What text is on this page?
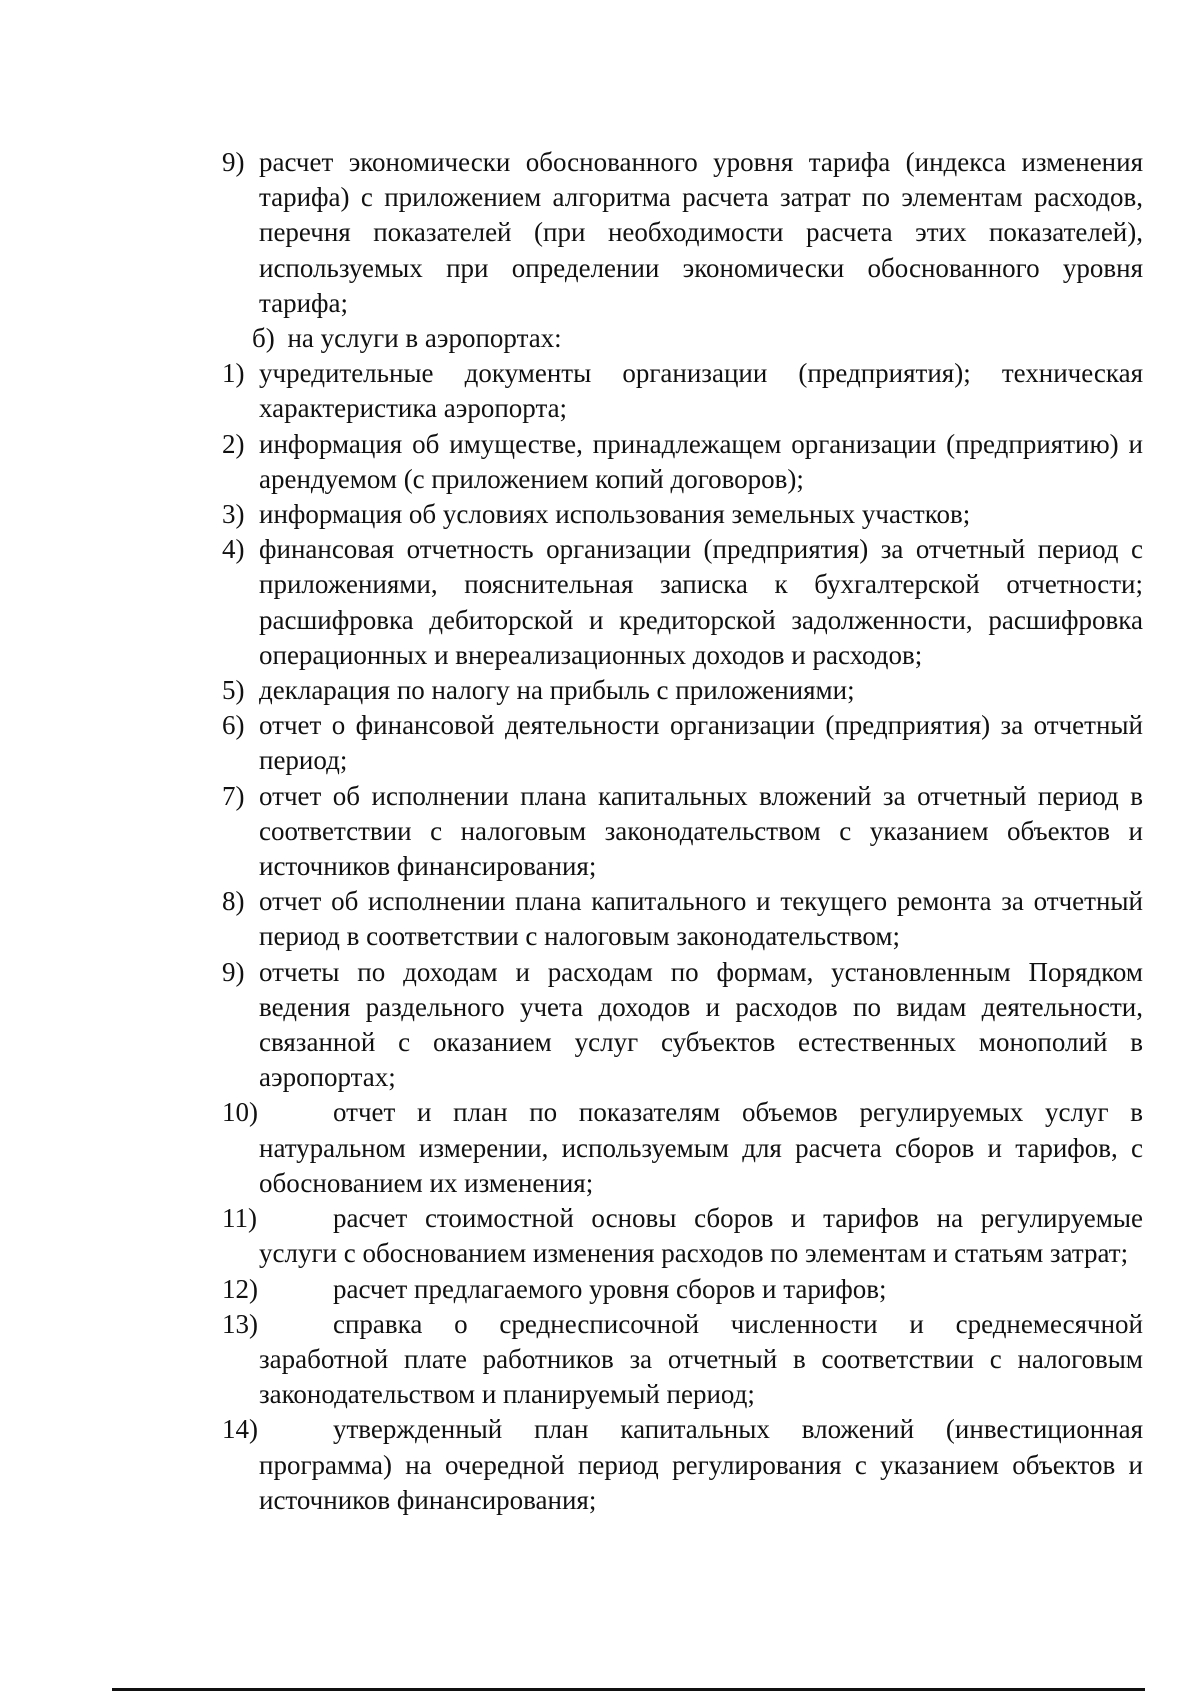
9) расчет экономически обоснованного уровня тарифа (индекса изменения тарифа) с приложением алгоритма расчета затрат по элементам расходов, перечня показателей (при необходимости расчета этих показателей), используемых при определении экономически обоснованного уровня тарифа;
б) на услуги в аэропортах:
1) учредительные документы организации (предприятия); техническая характеристика аэропорта;
2) информация об имуществе, принадлежащем организации (предприятию) и арендуемом (с приложением копий договоров);
3) информация об условиях использования земельных участков;
4) финансовая отчетность организации (предприятия) за отчетный период с приложениями, пояснительная записка к бухгалтерской отчетности; расшифровка дебиторской и кредиторской задолженности, расшифровка операционных и внереализационных доходов и расходов;
5) декларация по налогу на прибыль с приложениями;
6) отчет о финансовой деятельности организации (предприятия) за отчетный период;
7) отчет об исполнении плана капитальных вложений за отчетный период в соответствии с налоговым законодательством с указанием объектов и источников финансирования;
8) отчет об исполнении плана капитального и текущего ремонта за отчетный период в соответствии с налоговым законодательством;
9) отчеты по доходам и расходам по формам, установленным Порядком ведения раздельного учета доходов и расходов по видам деятельности, связанной с оказанием услуг субъектов естественных монополий в аэропортах;
10)	отчет и план по показателям объемов регулируемых услуг в натуральном измерении, используемым для расчета сборов и тарифов, с обоснованием их изменения;
11)	расчет стоимостной основы сборов и тарифов на регулируемые услуги с обоснованием изменения расходов по элементам и статьям затрат;
12)	расчет предлагаемого уровня сборов и тарифов;
13)	справка о среднесписочной численности и среднемесячной заработной плате работников за отчетный в соответствии с налоговым законодательством и планируемый период;
14)	утвержденный план капитальных вложений (инвестиционная программа) на очередной период регулирования с указанием объектов и источников финансирования;
